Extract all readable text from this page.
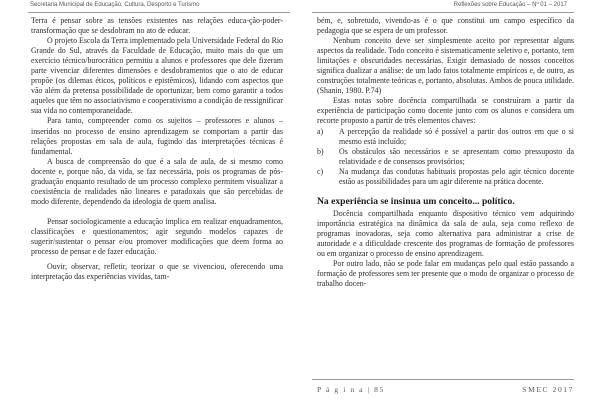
Secretaria Municipal de Educação, Cultura, Desporto e Turismo

Terra é pensar sobre as tensões existentes nas relações educa-ção-poder-transformação que se desdobram no ato de educar.

O projeto Escola da Terra implementado pela Universidade Federal do Rio Grande do Sul, através da Faculdade de Educação, muito mais do que um exercício técnico/burocrático permitiu a alunos e professores que dele fizeram parte vivenciar diferentes dimensões e desdobramentos que o ato de educar propõe (os dilemas éticos, políticos e epistêmicos), lidando com aspectos que vão além da pretensa possibilidade de oportunizar, bem como garantir a todos aqueles que têm no associativismo e cooperativismo a condição de ressignificar sua vida no contemporaneidade.

Para tanto, compreender como os sujeitos – professores e alunos – inseridos no processo de ensino aprendizagem se comportam a partir das relações propostas em sala de aula, fugindo das interpretações técnicas é fundamental.

A busca de compreensão do que é a sala de aula, de si mesmo como docente e, porque não, da vida, se faz necessária, pois os programas de pós-graduação enquanto resultado de um processo complexo permitem visualizar a coexistência de realidades não lineares e paradoxais que são percebidas de modo diferente, dependendo da ideologia de quem analisa.

Pensar sociologicamente a educação implica em realizar enquadramentos, classificações e questionamentos; agir segundo modelos capazes de sugerir/sustentar o pensar e/ou promover modificações que deem forma ao processo de pensar e de fazer educação.

Ouvir, observar, refletir, teorizar o que se vivenciou, oferecendo uma interpretação das experiências vividas, tam-

Reflexões sobre Educação – Nº 01 – 2017

bém, e, sobretudo, vivendo-as é o que constitui um campo específico da pedagogia que se espera de um professor.

Nenhum conceito deve ser simplesmente aceito por representar alguns aspectos da realidade. Todo conceito é sistematicamente seletivo e, portanto, tem limitações e obscuridades necessárias. Exigir demasiado de nossos conceitos significa dualizar a análise: de um lado fatos totalmente empíricos e, de outro, as construções totalmente teóricas e, portanto, absolutas. Ambos de pouca utilidade. (Shanin, 1980. P.74)

Estas notas sobre docência compartilhada se construíram a partir da experiência de participação como docente junto com os alunos e considera um recorte proposto a partir de três elementos chaves:

a)	A percepção da realidade só é possível a partir dos outros em que o si mesmo está incluído;
b)	Os obstáculos são necessários e se apresentam como pressuposto da relatividade e de consensos provisórios;
c)	Na mudança das condutas habituais propostas pelo agir técnico docente estão as possibilidades para um agir diferente na prática docente.
Na experiência se insinua um conceito... político.

Docência compartilhada enquanto dispositivo técnico vem adquirindo importância estratégica na dinâmica da sala de aula, seja como reflexo de programas inovadoras, seja como alternativa para administrar a crise de autoridade e a dificuldade crescente dos programas de formação de professores ou em organizar o processo de ensino aprendizagem.

Por outro lado, não se pode falar em mudanças pelo qual estão passando a formação de professores sem ter presente que o modo de organizar o processo de trabalho docen-

P á g i n a | 85	SMEC 2017
